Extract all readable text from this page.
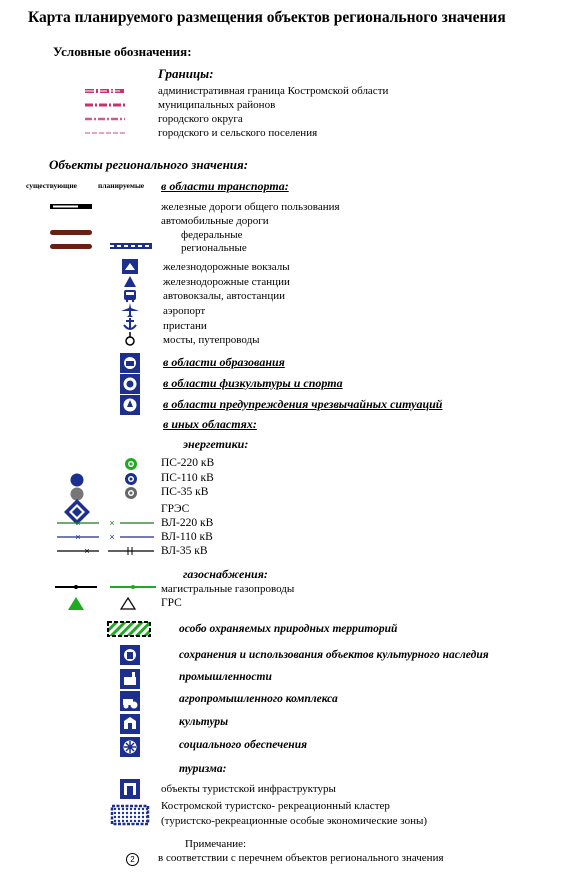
Карта планируемого размещения объектов регионального значения
Условные обозначения:
Границы:
административная граница Костромской области
муниципальных районов
городского округа
городского и сельского поселения
Объекты регионального значения:
существующие	планируемые в области транспорта:
железные дороги общего пользования
автомобильные дороги
федеральные
региональные
железнодорожные вокзалы
железнодорожные станции
автовокзалы, автостанции
аэропорт
пристани
мосты, путепроводы
в области образования
в области физкультуры и спорта
в области предупреждения чрезвычайных ситуаций
в иных областях:
энергетики:
ПС-220 кВ
ПС-110 кВ
ПС-35 кВ
ГРЭС
×	×	ВЛ-220 кВ
×	×	ВЛ-110 кВ
×	ВЛ-35 кВ
газоснабжения:
магистральные газопроводы
ГРС
особо охраняемых природных территорий
сохранения и использования объектов культурного наследия
промышленности
агропромышленного комплекса
культуры
социального обеспечения
туризма:
объекты туристской инфраструктуры
Костромской туристско- рекреационный кластер
(туристско-рекреационные особые экономические зоны)
Примечание:
2	в соответствии с перечнем объектов регионального значения
